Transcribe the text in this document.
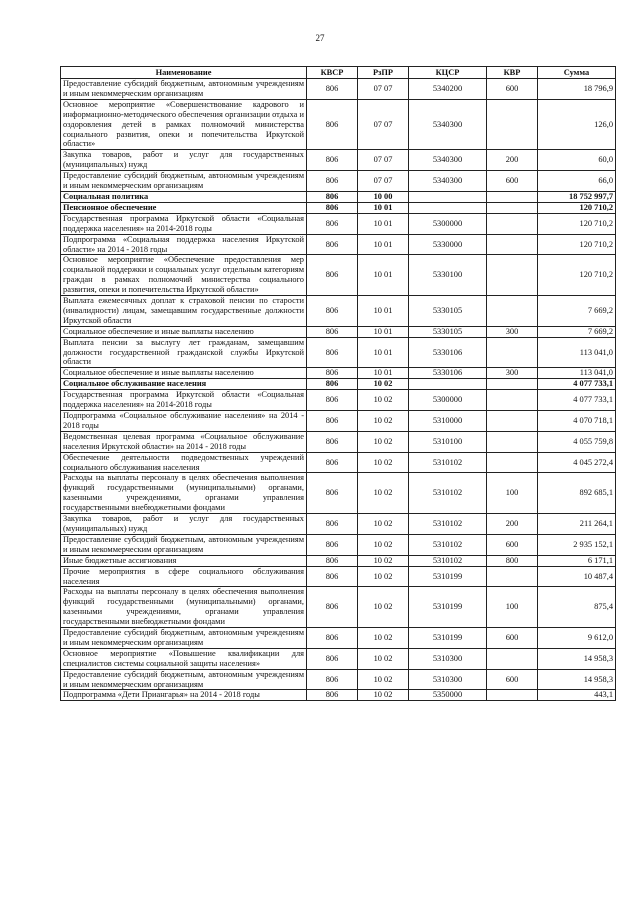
27
Наименование	КВСР	РзПР	КЦСР	КВР	Сумма
Предоставление субсидий бюджетным, автономным учреждениям и иным некоммерческим организациям	806	07 07	5340200	600	18 796,9
Основное мероприятие «Совершенствование кадрового и информационно-методического обеспечения организации отдыха и оздоровления детей в рамках полномочий министерства социального развития, опеки и попечительства Иркутской области»	806	07 07	5340300		126,0
Закупка товаров, работ и услуг для государственных (муниципальных) нужд	806	07 07	5340300	200	60,0
Предоставление субсидий бюджетным, автономным учреждениям и иным некоммерческим организациям	806	07 07	5340300	600	66,0
Социальная политика	806	10 00			18 752 997,7
Пенсионное обеспечение	806	10 01			120 710,2
Государственная программа Иркутской области «Социальная поддержка населения» на 2014-2018 годы	806	10 01	5300000		120 710,2
Подпрограмма «Социальная поддержка населения Иркутской области» на 2014 - 2018 годы	806	10 01	5330000		120 710,2
Основное мероприятие «Обеспечение предоставления мер социальной поддержки и социальных услуг отдельным категориям граждан в рамках полномочий министерства социального развития, опеки и попечительства Иркутской области»	806	10 01	5330100		120 710,2
Выплата ежемесячных доплат к страховой пенсии по старости (инвалидности) лицам, замещавшим государственные должности Иркутской области	806	10 01	5330105		7 669,2
Социальное обеспечение и иные выплаты населению	806	10 01	5330105	300	7 669,2
Выплата пенсии за выслугу лет гражданам, замещавшим должности государственной гражданской службы Иркутской области	806	10 01	5330106		113 041,0
Социальное обеспечение и иные выплаты населению	806	10 01	5330106	300	113 041,0
Социальное обслуживание населения	806	10 02			4 077 733,1
Государственная программа Иркутской области «Социальная поддержка населения» на 2014-2018 годы	806	10 02	5300000		4 077 733,1
Подпрограмма «Социальное обслуживание населения» на 2014 - 2018 годы	806	10 02	5310000		4 070 718,1
Ведомственная целевая программа «Социальное обслуживание населения Иркутской области» на 2014 - 2018 годы	806	10 02	5310100		4 055 759,8
Обеспечение деятельности подведомственных учреждений социального обслуживания населения	806	10 02	5310102		4 045 272,4
Расходы на выплаты персоналу в целях обеспечения выполнения функций государственными (муниципальными) органами, казенными учреждениями, органами управления государственными внебюджетными фондами	806	10 02	5310102	100	892 685,1
Закупка товаров, работ и услуг для государственных (муниципальных) нужд	806	10 02	5310102	200	211 264,1
Предоставление субсидий бюджетным, автономным учреждениям и иным некоммерческим организациям	806	10 02	5310102	600	2 935 152,1
Иные бюджетные ассигнования	806	10 02	5310102	800	6 171,1
Прочие мероприятия в сфере социального обслуживания населения	806	10 02	5310199		10 487,4
Расходы на выплаты персоналу в целях обеспечения выполнения функций государственными (муниципальными) органами, казенными учреждениями, органами управления государственными внебюджетными фондами	806	10 02	5310199	100	875,4
Предоставление субсидий бюджетным, автономным учреждениям и иным некоммерческим организациям	806	10 02	5310199	600	9 612,0
Основное мероприятие «Повышение квалификации для специалистов системы социальной защиты населения»	806	10 02	5310300		14 958,3
Предоставление субсидий бюджетным, автономным учреждениям и иным некоммерческим организациям	806	10 02	5310300	600	14 958,3
Подпрограмма «Дети Приангарья» на 2014 - 2018 годы	806	10 02	5350000		443,1
